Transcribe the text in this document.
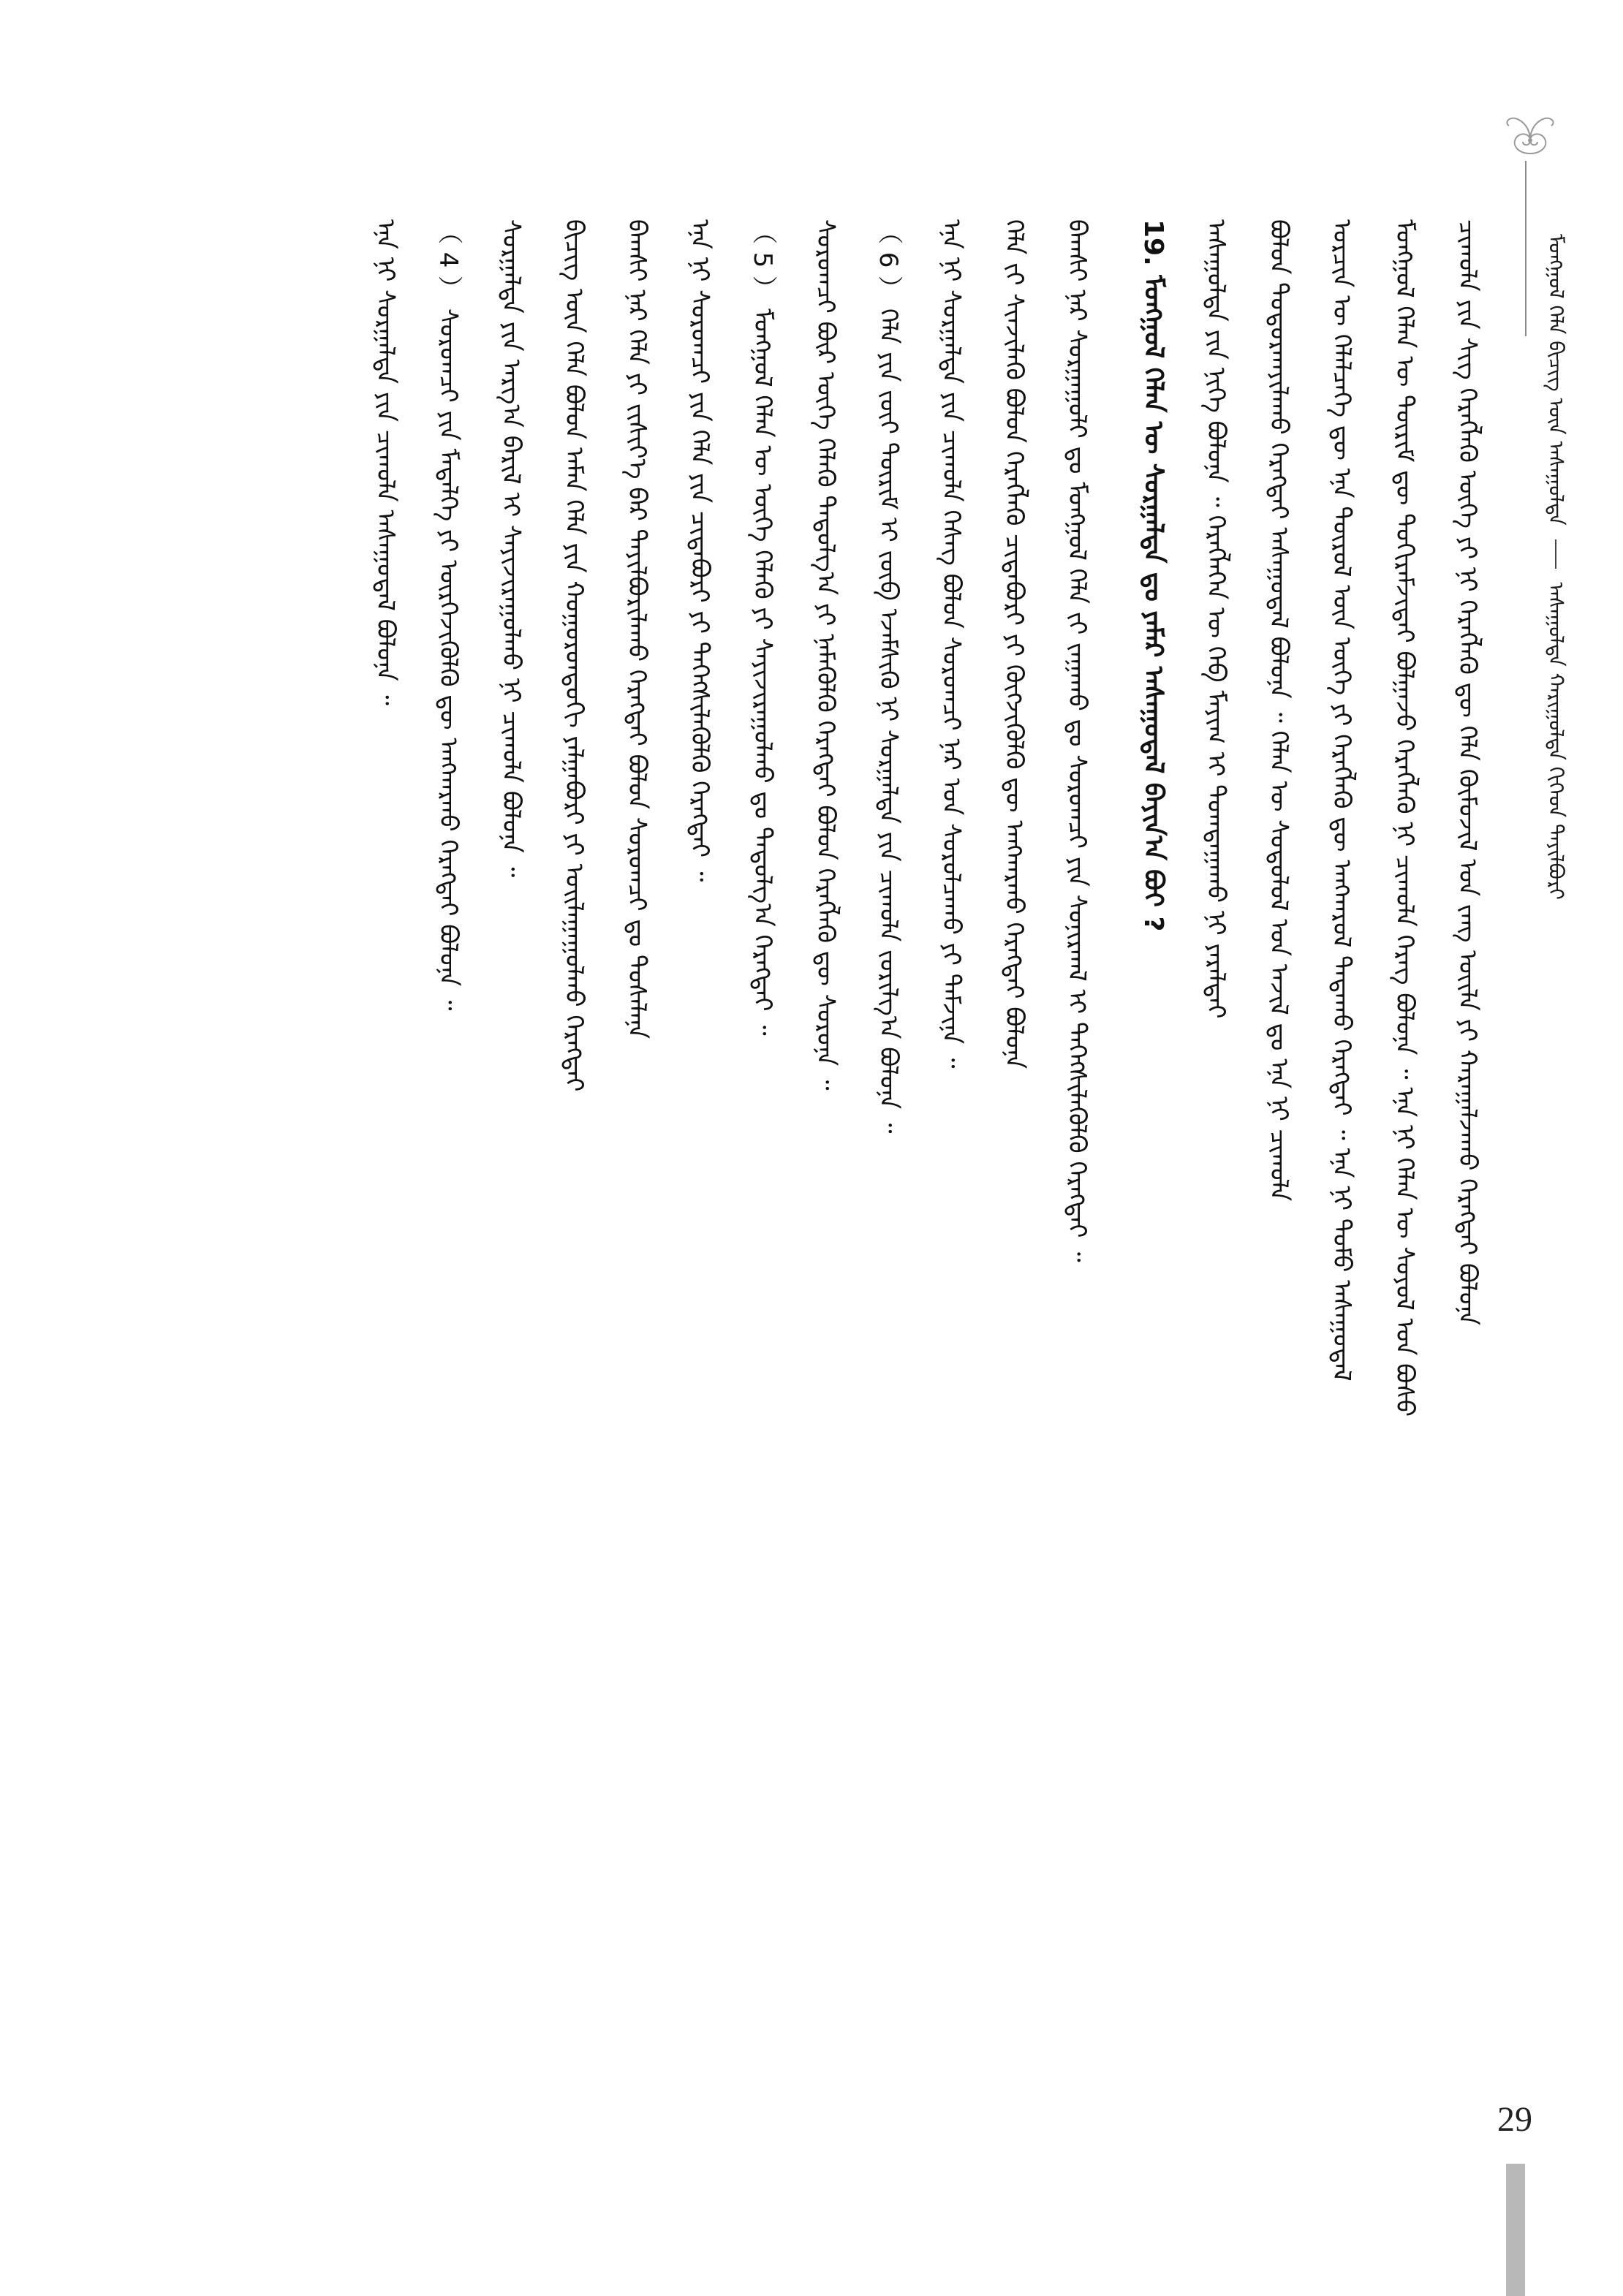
ᠮᠣᠩᠭᠣᠯ ᠬᠡᠯᠡ ᠪᠢᠴᠢᠭ ᠦᠨ ᠠᠰᠠᠭᠤᠯᠲᠠ  ᠠᠰᠠᠭᠤᠯᠲᠠ ᠬᠠᠷᠢᠭᠤᠯᠲᠠ ᠬᠢᠭᠡᠳ ᠲᠠᠶᠢᠯᠪᠤᠷᠢ
ᠴᠢᠬᠤᠯᠠ ᠶᠢᠨ ᠰᠢᠭ ᠬᠡᠷᠡᠭᠯᠡᠬᠦ ᠦᠭᠡ ᠶᠢ ᠨᠢ ᠬᠡᠷᠡᠭᠯᠡᠬᠦ ᠳᠦ ᠬᠡᠯᠡ ᠬᠦᠮᠦᠵᠢᠯ ᠤᠨ ᠵᠠᠩ ᠦᠢᠯᠡ ᠶᠢ ᠬᠠᠷᠠᠭᠠᠯᠵᠠᠬᠤ ᠬᠡᠷᠡᠭᠲᠡᠢ ᠪᠣᠯᠤᠨᠠ
ᠮᠣᠩᠭᠣᠯ ᠬᠡᠯᠡᠨ ᠦ ᠳᠦᠷᠢᠮ ᠳᠦ ᠲᠣᠬᠢᠷᠠᠮᠵᠢᠲᠠᠢ ᠪᠣᠯᠭᠠᠵᠤ ᠬᠡᠷᠡᠭᠯᠡᠬᠦ ᠨᠢ ᠴᠢᠬᠤᠯᠠ ᠬᠡᠷᠡᠭ ᠪᠣᠯᠤᠨᠠ ᠃ ᠡᠨᠡ ᠨᠢ ᠬᠡᠯᠡᠨ ᠦ ᠰᠣᠶᠣᠯ ᠤᠨ ᠪᠤᠰᠤ
ᠣᠷᠴᠢᠨ ᠦ ᠬᠡᠯᠡᠯᠴᠡᠭᠡ ᠳᠦ ᠡᠨᠡ ᠲᠥᠷᠦᠯ ᠦᠨ ᠦᠭᠡ ᠶᠢ ᠬᠡᠷᠡᠭᠯᠡᠬᠦ ᠳᠦ ᠠᠩᠬᠠᠷᠤᠯ ᠲᠠᠲᠠᠬᠤ ᠬᠡᠷᠡᠭᠲᠡᠢ ᠃ ᠡᠨᠡ ᠨᠢ ᠲᠣᠮᠣ ᠠᠰᠠᠭᠤᠳᠠᠯ
ᠪᠣᠯᠤᠨ ᠲᠣᠳᠤᠷᠬᠠᠶᠢᠯᠠᠬᠤ ᠬᠡᠷᠡᠭᠲᠡᠢ ᠠᠰᠠᠭᠤᠳᠠᠯ ᠪᠣᠯᠤᠨᠠ ᠃ ᠬᠡᠯᠡᠨ ᠦ ᠰᠤᠳᠤᠯᠤᠯ ᠤᠨ ᠠᠵᠢᠯ ᠳᠤ ᠡᠨᠡ ᠨᠢ ᠴᠢᠬᠤᠯᠠ
ᠠᠰᠠᠭᠤᠯᠲᠠ ᠶᠢᠨ ᠨᠢᠭᠡ ᠪᠣᠯᠤᠨᠠ ᠃ ᠬᠡᠷᠡᠭᠯᠡᠭᠡᠨ ᠦ ᠬᠡᠪ ᠮᠠᠶᠢᠭ ᠢ ᠲᠣᠭᠲᠠᠭᠠᠬᠤ ᠨᠢ ᠶᠠᠷᠠᠯᠲᠠᠢ
19. ᠮᠣᠩᠭᠣᠯ ᠬᠡᠯᠡᠨ ᠦ ᠰᠤᠷᠭᠠᠯᠲᠠ ᠳᠤ ᠶᠠᠮᠠᠷ ᠠᠰᠠᠭᠤᠳᠠᠯ ᠪᠠᠶᠢᠨ᠎ᠠ ᠪᠤᠢ ?
ᠪᠠᠭᠰᠢ ᠨᠠᠷ ᠰᠤᠷᠭᠠᠭᠤᠯᠢ ᠳᠤ ᠮᠣᠩᠭᠣᠯ ᠬᠡᠯᠡ ᠵᠢ ᠵᠠᠭᠠᠬᠤ ᠳᠤ ᠰᠤᠷᠤᠭᠴᠢ ᠶᠢᠨ ᠰᠣᠨᠢᠷᠬᠠᠯ ᠢ ᠳᠡᠭᠡᠭᠰᠢᠯᠡᠭᠦᠯᠬᠦ ᠬᠡᠷᠡᠭᠲᠡᠢ ᠃
ᠬᠡᠯᠡ ᠵᠢ ᠰᠢᠨᠵᠢᠯᠡᠬᠦ ᠪᠣᠯᠤᠨ ᠬᠡᠷᠡᠭᠯᠡᠬᠦ ᠴᠢᠳᠠᠪᠤᠷᠢ ᠶᠢ ᠬᠥᠭᠵᠢᠭᠦᠯᠬᠦ ᠳᠦ ᠠᠩᠬᠠᠷᠬᠤ ᠬᠡᠷᠡᠭᠲᠡᠢ ᠪᠣᠯᠤᠨᠠ
ᠡᠨᠡ ᠨᠢ ᠰᠤᠷᠭᠠᠯᠲᠠ ᠶᠢᠨ ᠴᠢᠬᠤᠯᠠ ᠬᠡᠰᠡᠭ ᠪᠣᠯᠤᠨ ᠰᠤᠷᠤᠭᠴᠢ ᠨᠠᠷ ᠤᠨ ᠰᠤᠷᠤᠯᠴᠠᠬᠤ ᠶᠢ ᠳᠡᠮᠵᠢᠨᠡ ᠃
（ 6 ） ᠬᠡᠯᠡ ᠶᠢᠨ ᠵᠦᠢ ᠳᠦᠷᠢᠮ ᠢ ᠵᠥᠪ ᠡᠵᠡᠮᠰᠢᠬᠦ ᠨᠢ ᠰᠤᠷᠭᠠᠯᠲᠠ ᠶᠢᠨ ᠴᠢᠬᠤᠯᠠ ᠵᠣᠷᠢᠯᠭ᠎ᠠ ᠪᠣᠯᠤᠨᠠ ᠃
ᠰᠤᠷᠤᠭᠴᠢ ᠪᠦᠷ ᠦᠭᠡ ᠬᠡᠯᠡᠬᠦ ᠳᠠᠳᠤᠯᠭ᠎ᠠ ᠶᠢ ᠨᠡᠮᠡᠭᠦᠯᠬᠦ ᠬᠡᠷᠡᠭᠲᠡᠢ ᠪᠣᠯᠤᠨ ᠬᠡᠷᠡᠭᠯᠡᠬᠦ ᠳᠦ ᠰᠤᠷᠤᠨᠠ ᠃
（ 5 ） ᠮᠣᠩᠭᠣᠯ ᠬᠡᠯᠡᠨ ᠦ ᠦᠭᠡ ᠬᠡᠯᠡᠬᠦ ᠶᠢ ᠰᠠᠶᠢᠵᠢᠷᠠᠭᠤᠯᠬᠤ ᠳᠤ ᠳᠠᠳᠤᠯᠭ᠎ᠠ ᠬᠡᠷᠡᠭᠲᠡᠢ ᠃
ᠡᠨᠡ ᠨᠢ ᠰᠤᠷᠤᠭᠴᠢ ᠶᠢᠨ ᠬᠡᠯᠡ ᠶᠢᠨ ᠴᠢᠳᠠᠪᠤᠷᠢ ᠶᠢ ᠳᠡᠭᠡᠭᠰᠢᠯᠡᠭᠦᠯᠬᠦ ᠬᠡᠷᠡᠭᠲᠡᠢ ᠃
ᠪᠠᠭᠰᠢ ᠨᠠᠷ ᠬᠡᠯᠡ ᠶᠢ ᠵᠢᠱᠢᠶ᠎ᠡ ᠪᠡᠷ ᠲᠠᠶᠢᠯᠪᠤᠷᠢᠯᠠᠬᠤ ᠬᠡᠷᠡᠭᠲᠡᠢ ᠪᠣᠯᠤᠨ ᠰᠤᠷᠤᠭᠴᠢ ᠳᠤ ᠲᠤᠰᠠᠯᠠᠨᠠ
ᠪᠢᠴᠢᠭ ᠦᠨ ᠬᠡᠯᠡ ᠪᠣᠯᠤᠨ ᠠᠮᠠᠨ ᠬᠡᠯᠡ ᠶᠢᠨ ᠬᠣᠭᠣᠷᠣᠨᠳᠤᠬᠢ ᠶᠠᠯᠭᠠᠪᠤᠷᠢ ᠶᠢ ᠣᠢᠯᠠᠭᠠᠭᠤᠯᠬᠤ ᠬᠡᠷᠡᠭᠲᠡᠢ
ᠰᠤᠷᠭᠠᠯᠲᠠ ᠶᠢᠨ ᠠᠷᠭ᠎ᠠ ᠪᠠᠷᠢᠯ ᠢ ᠰᠠᠶᠢᠵᠢᠷᠠᠭᠤᠯᠬᠤ ᠨᠢ ᠴᠢᠬᠤᠯᠠ ᠪᠣᠯᠤᠨᠠ ᠃
（ 4 ） ᠰᠤᠷᠤᠭᠴᠢ ᠶᠢᠨ ᠮᠡᠳᠡᠯᠭᠡ ᠶᠢ ᠥᠷᠭᠡᠵᠢᠭᠦᠯᠬᠦ ᠳᠦ ᠠᠩᠬᠠᠷᠬᠤ ᠬᠡᠷᠡᠭᠲᠡᠢ ᠪᠣᠯᠤᠨᠠ ᠃
ᠡᠨᠡ ᠨᠢ ᠰᠤᠷᠭᠠᠯᠲᠠ ᠶᠢᠨ ᠴᠢᠬᠤᠯᠠ ᠠᠰᠠᠭᠤᠳᠠᠯ ᠪᠣᠯᠤᠨᠠ ᠃
29
